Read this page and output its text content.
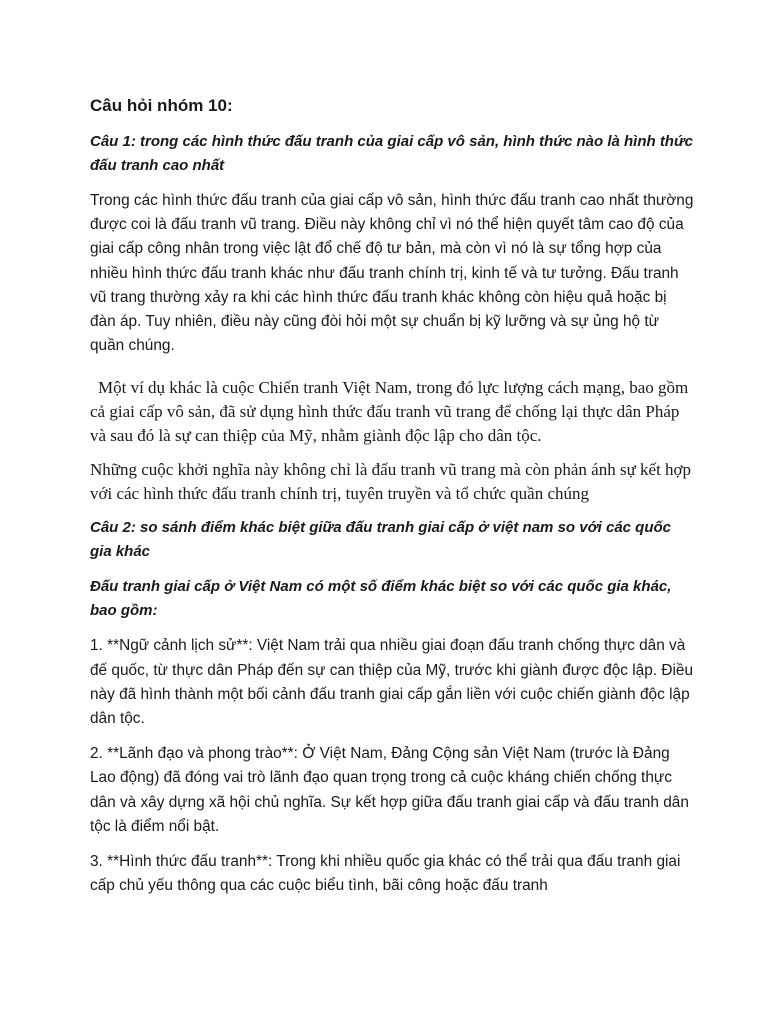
Câu hỏi nhóm 10:
Câu 1: trong các hình thức đấu tranh của giai cấp vô sản, hình thức nào là hình thức đấu tranh cao nhất
Trong các hình thức đấu tranh của giai cấp vô sản, hình thức đấu tranh cao nhất thường được coi là đấu tranh vũ trang. Điều này không chỉ vì nó thể hiện quyết tâm cao độ của giai cấp công nhân trong việc lật đổ chế độ tư bản, mà còn vì nó là sự tổng hợp của nhiều hình thức đấu tranh khác như đấu tranh chính trị, kinh tế và tư tưởng. Đấu tranh vũ trang thường xảy ra khi các hình thức đấu tranh khác không còn hiệu quả hoặc bị đàn áp. Tuy nhiên, điều này cũng đòi hỏi một sự chuẩn bị kỹ lưỡng và sự ủng hộ từ quần chúng.
Một ví dụ khác là cuộc Chiến tranh Việt Nam, trong đó lực lượng cách mạng, bao gồm cả giai cấp vô sản, đã sử dụng hình thức đấu tranh vũ trang để chống lại thực dân Pháp và sau đó là sự can thiệp của Mỹ, nhằm giành độc lập cho dân tộc.
Những cuộc khởi nghĩa này không chỉ là đấu tranh vũ trang mà còn phản ánh sự kết hợp với các hình thức đấu tranh chính trị, tuyên truyền và tổ chức quần chúng
Câu 2: so sánh điểm khác biệt giữa đấu tranh giai cấp ở việt nam so với các quốc gia khác
Đấu tranh giai cấp ở Việt Nam có một số điểm khác biệt so với các quốc gia khác, bao gồm:
1. **Ngữ cảnh lịch sử**: Việt Nam trải qua nhiều giai đoạn đấu tranh chống thực dân và đế quốc, từ thực dân Pháp đến sự can thiệp của Mỹ, trước khi giành được độc lập. Điều này đã hình thành một bối cảnh đấu tranh giai cấp gắn liền với cuộc chiến giành độc lập dân tộc.
2. **Lãnh đạo và phong trào**: Ở Việt Nam, Đảng Cộng sản Việt Nam (trước là Đảng Lao động) đã đóng vai trò lãnh đạo quan trọng trong cả cuộc kháng chiến chống thực dân và xây dựng xã hội chủ nghĩa. Sự kết hợp giữa đấu tranh giai cấp và đấu tranh dân tộc là điểm nổi bật.
3. **Hình thức đấu tranh**: Trong khi nhiều quốc gia khác có thể trải qua đấu tranh giai cấp chủ yếu thông qua các cuộc biểu tình, bãi công hoặc đấu tranh
